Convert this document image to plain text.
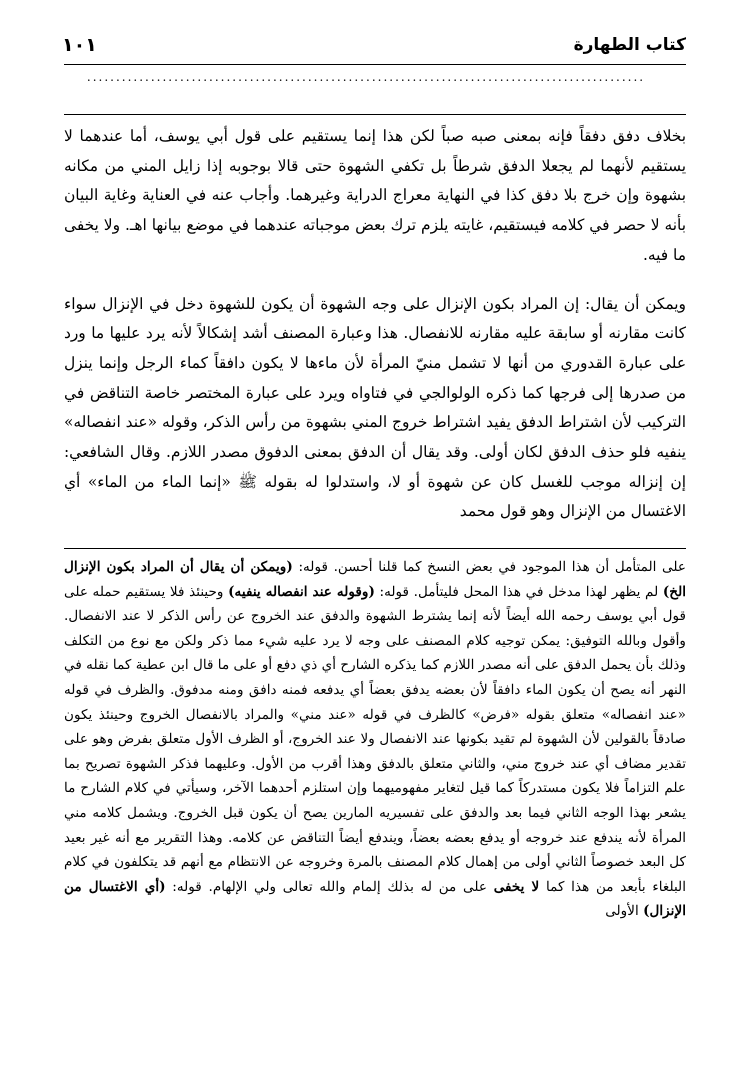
كتاب الطهارة
١٠١
................................................................................................

بخلاف دفق دفقاً فإنه بمعنى صبه صباً لكن هذا إنما يستقيم على قول أبي يوسف، أما عندهما لا يستقيم لأنهما لم يجعلا الدفق شرطاً بل تكفي الشهوة حتى قالا بوجوبه إذا زايل المني من مكانه بشهوة وإن خرج بلا دفق كذا في النهاية معراج الدراية وغيرهما. وأجاب عنه في العناية وغاية البيان بأنه لا حصر في كلامه فيستقيم، غايته يلزم ترك بعض موجباته عندهما في موضع بيانها اهـ. ولا يخفى ما فيه.

ويمكن أن يقال: إن المراد بكون الإنزال على وجه الشهوة أن يكون للشهوة دخل في الإنزال سواء كانت مقارنه أو سابقة عليه مقارنه للانفصال. هذا وعبارة المصنف أشد إشكالاً لأنه يرد عليها ما ورد على عبارة القدوري من أنها لا تشمل منيّ المرأة لأن ماءها لا يكون دافقاً كماء الرجل وإنما ينزل من صدرها إلى فرجها كما ذكره الولوالجي في فتاواه ويرد على عبارة المختصر خاصة التناقض في التركيب لأن اشتراط الدفق يفيد اشتراط خروج المني بشهوة من رأس الذكر، وقوله «عند انفصاله» ينفيه فلو حذف الدفق لكان أولى. وقد يقال أن الدفق بمعنى الدفوق مصدر اللازم. وقال الشافعي: إن إنزاله موجب للغسل كان عن شهوة أو لا، واستدلوا له بقوله ﷺ «إنما الماء من الماء» أي الاغتسال من الإنزال وهو قول محمد

على المتأمل أن هذا الموجود في بعض النسخ كما قلنا أحسن. قوله: (ويمكن أن يقال أن المراد بكون الإنزال الخ) لم يظهر لهذا مدخل في هذا المحل فليتأمل. قوله: (وقوله عند انفصاله ينفيه) وحينئذ فلا يستقيم حمله على قول أبي يوسف رحمه الله أيضاً لأنه إنما يشترط الشهوة والدفق عند الخروج عن رأس الذكر لا عند الانفصال. وأقول وبالله التوفيق: يمكن توجيه كلام المصنف على وجه لا يرد عليه شيء مما ذكر ولكن مع نوع من التكلف وذلك بأن يحمل الدفق على أنه مصدر اللازم كما يذكره الشارح أي ذي دفع أو على ما قال ابن عطية كما نقله في النهر أنه يصح أن يكون الماء دافقاً لأن بعضه يدفق بعضاً أي يدفعه فمنه دافق ومنه مدفوق. والظرف في قوله «عند انفصاله» متعلق بقوله «فرض» كالظرف في قوله «عند مني» والمراد بالانفصال الخروج وحينئذ يكون صادقاً بالقولين لأن الشهوة لم تقيد بكونها عند الانفصال ولا عند الخروج، أو الظرف الأول متعلق بفرض وهو على تقدير مضاف أي عند خروج مني، والثاني متعلق بالدفق وهذا أقرب من الأول. وعليهما فذكر الشهوة تصريح بما علم التزاماً فلا يكون مستدركاً كما قيل لتغاير مفهوميهما وإن استلزم أحدهما الآخر، وسيأتي في كلام الشارح ما يشعر بهذا الوجه الثاني فيما بعد والدفق على تفسيريه المارين يصح أن يكون قبل الخروج. ويشمل كلامه مني المرأة لأنه يندفع عند خروجه أو يدفع بعضه بعضاً، ويندفع أيضاً التناقض عن كلامه. وهذا التقرير مع أنه غير بعيد كل البعد خصوصاً الثاني أولى من إهمال كلام المصنف بالمرة وخروجه عن الانتظام مع أنهم قد يتكلفون في كلام البلغاء بأبعد من هذا كما لا يخفى على من له بذلك إلمام والله تعالى ولي الإلهام. قوله: (أي الاغتسال من الإنزال) الأولى
